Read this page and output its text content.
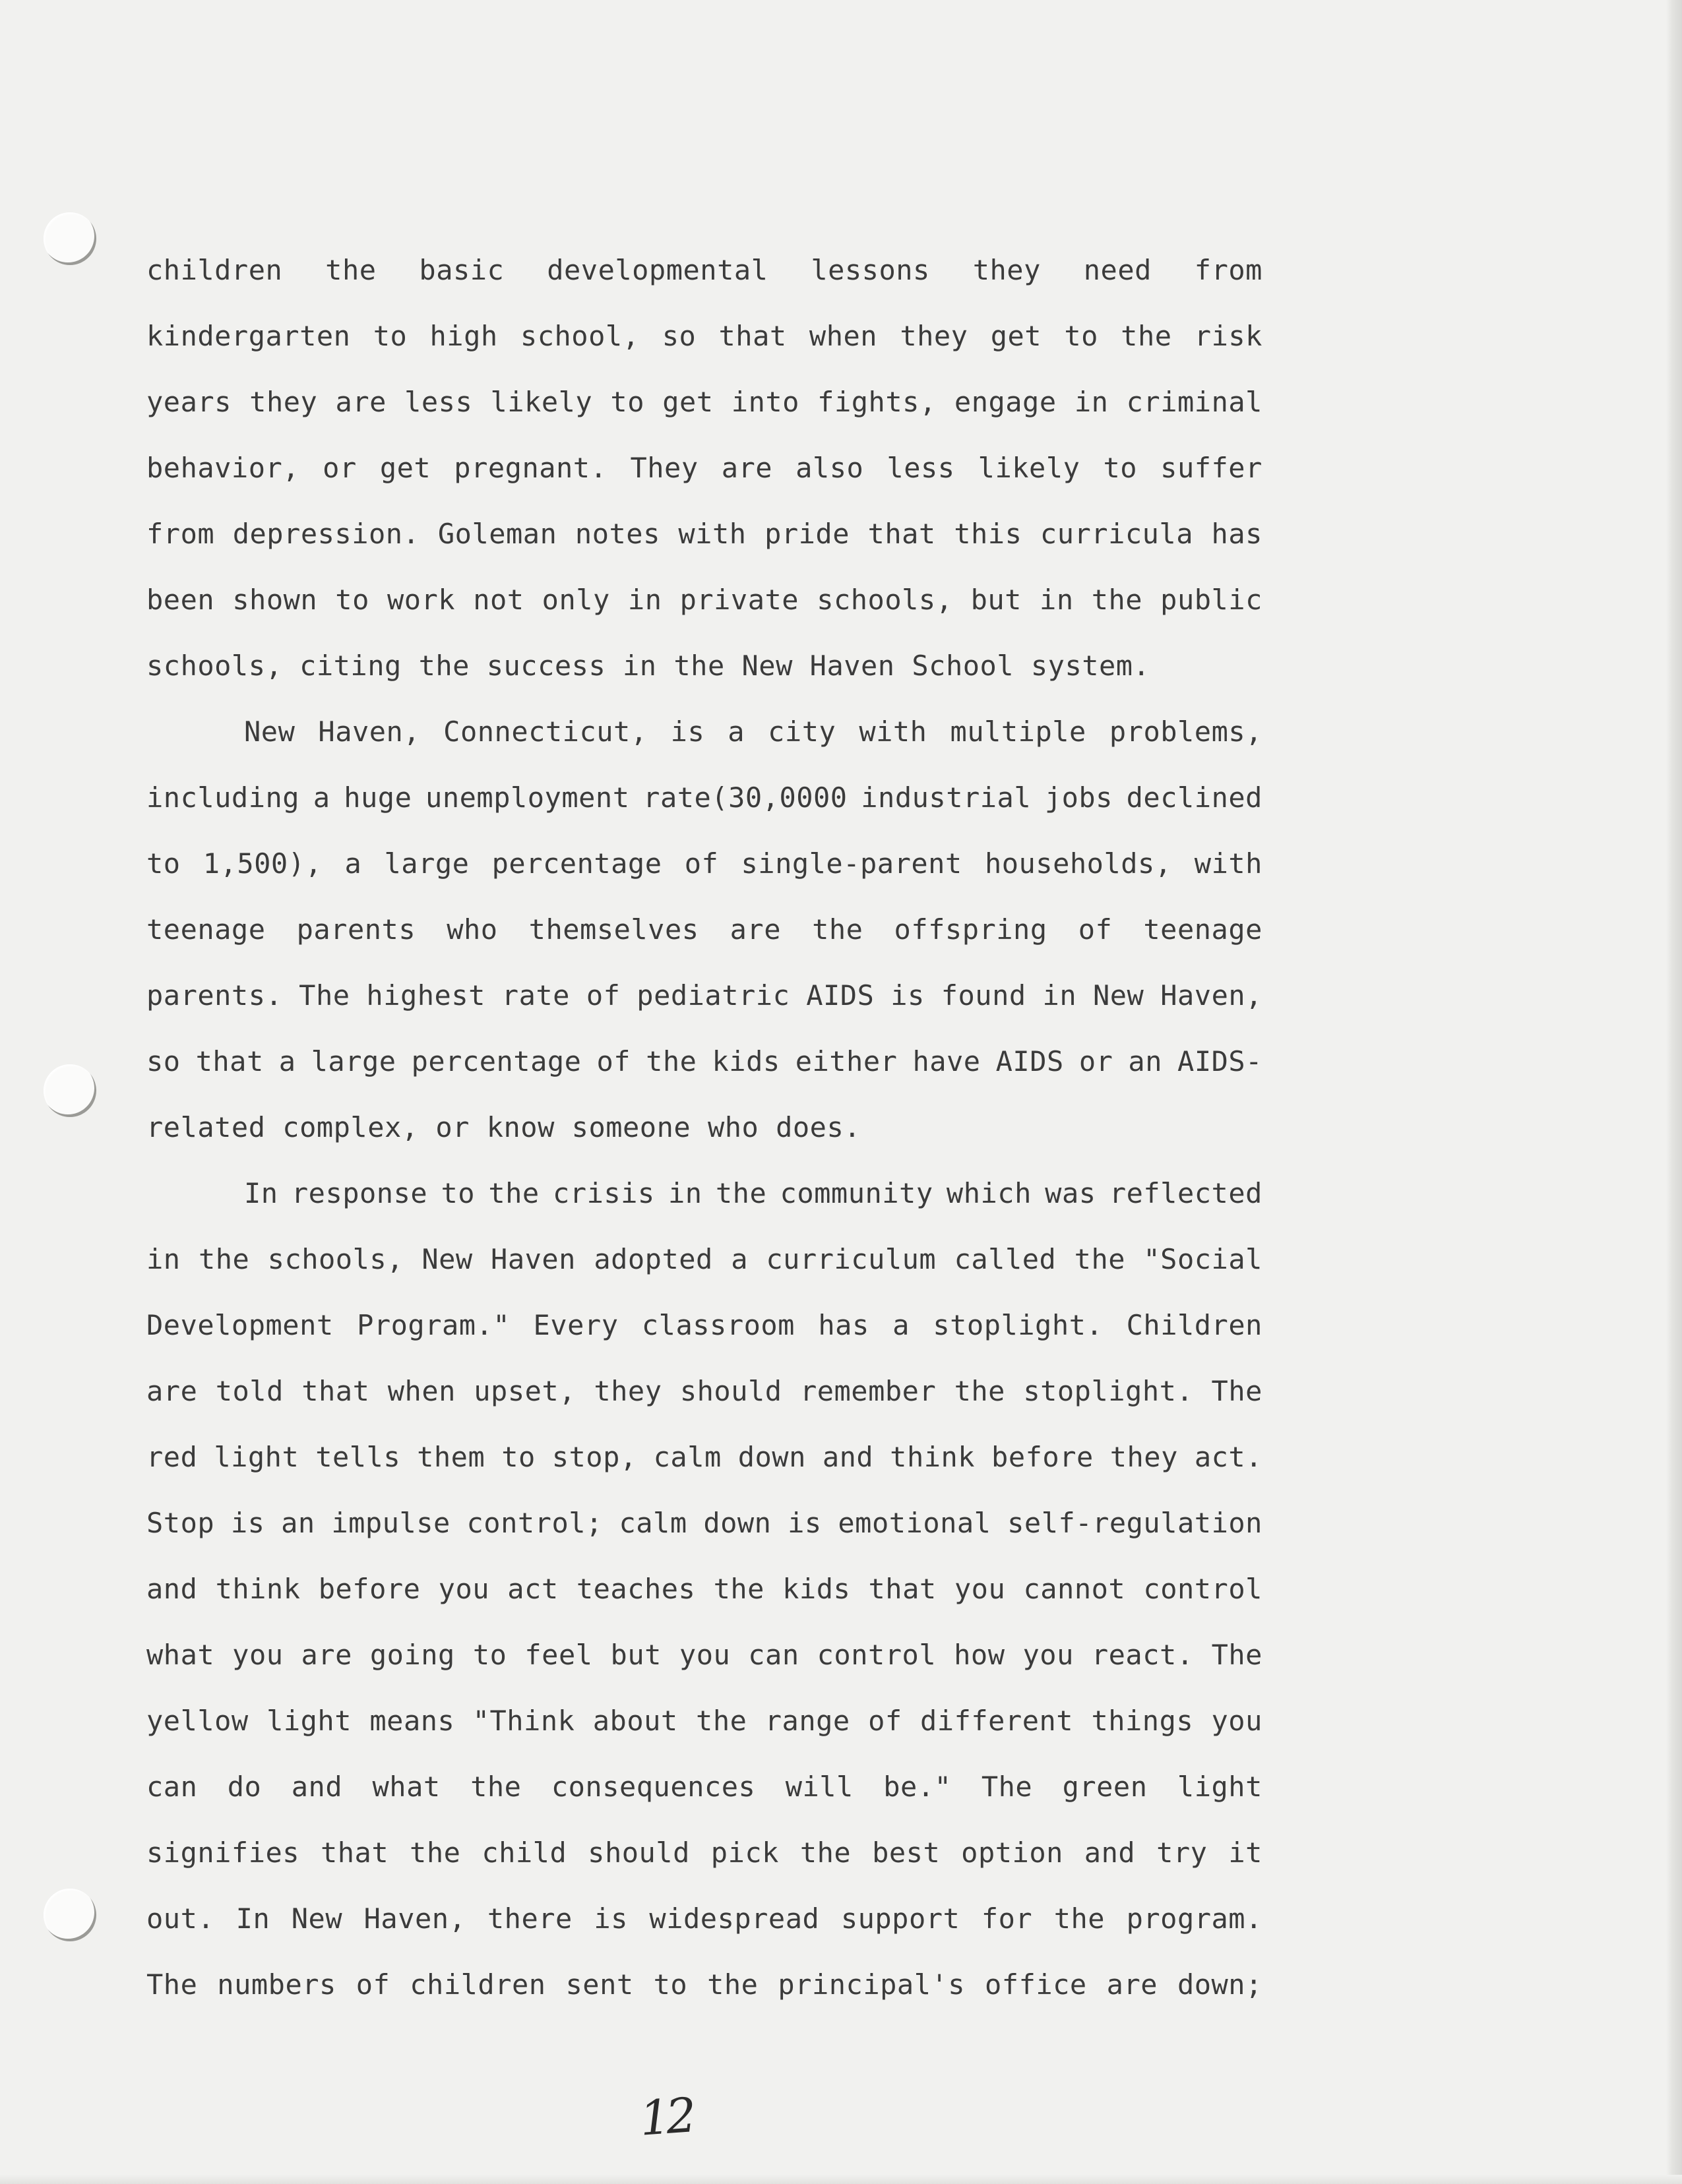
children the basic developmental lessons they need from
kindergarten to high school, so that when they get to the risk
years they are less likely to get into fights, engage in criminal
behavior, or get pregnant. They are also less likely to suffer
from depression. Goleman notes with pride that this curricula has
been shown to work not only in private schools, but in the public
schools, citing the success in the New Haven School system.
New Haven, Connecticut, is a city with multiple problems,
including a huge unemployment rate(30,0000 industrial jobs declined
to 1,500), a large percentage of single-parent households, with
teenage parents who themselves are the offspring of teenage
parents. The highest rate of pediatric AIDS is found in New Haven,
so that a large percentage of the kids either have AIDS or an AIDS-
related complex, or know someone who does.
In response to the crisis in the community which was reflected
in the schools, New Haven adopted a curriculum called the "Social
Development Program." Every classroom has a stoplight. Children
are told that when upset, they should remember the stoplight. The
red light tells them to stop, calm down and think before they act.
Stop is an impulse control; calm down is emotional self-regulation
and think before you act teaches the kids that you cannot control
what you are going to feel but you can control how you react. The
yellow light means "Think about the range of different things you
can do and what the consequences will be." The green light
signifies that the child should pick the best option and try it
out. In New Haven, there is widespread support for the program.
The numbers of children sent to the principal's office are down;
12
